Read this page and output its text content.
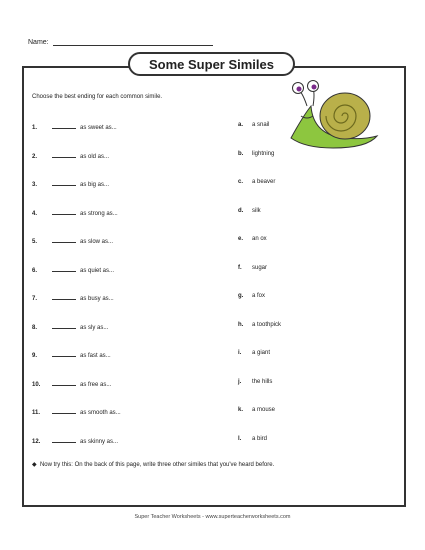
Name:
Some Super Similes
Choose the best ending for each common simile.
1.	as sweet as...	a. a snail
2.	as old as...	b. lightning
3.	as big as...	c. a beaver
4.	as strong as...	d. silk
5.	as slow as...	e. an ox
6.	as quiet as...	f. sugar
7.	as busy as...	g. a fox
8.	as sly as...	h. a toothpick
9.	as fast as...	i. a giant
10.	as free as...	j. the hills
11.	as smooth as...	k. a mouse
12.	as skinny as...	l. a bird
◆  Now try this: On the back of this page, write three other similes that you've heard before.
Super Teacher Worksheets - www.superteacherworksheets.com
